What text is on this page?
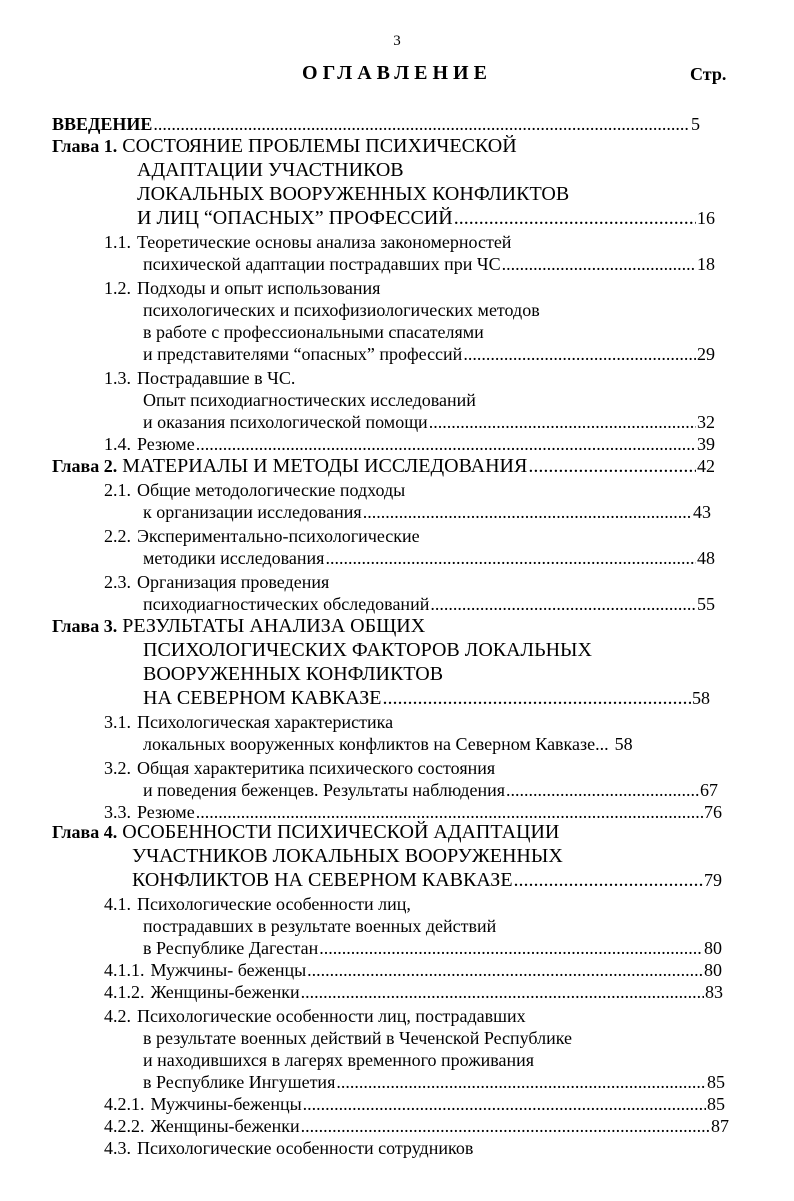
3
ОГЛАВЛЕНИЕ	Стр.
ВВЕДЕНИЕ .....	5
Глава 1. СОСТОЯНИЕ ПРОБЛЕМЫ ПСИХИЧЕСКОЙ
АДАПТАЦИИ УЧАСТНИКОВ
ЛОКАЛЬНЫХ ВООРУЖЕННЫХ КОНФЛИКТОВ
И ЛИЦ “ОПАСНЫХ” ПРОФЕССИЙ .....	16
1.1. Теоретические основы анализа закономерностей
психической адаптации пострадавших при ЧС .....	18
1.2. Подходы и опыт использования
психологических и психофизиологических методов
в работе с профессиональными спасателями
и представителями “опасных” профессий .....	29
1.3. Пострадавшие в ЧС.
Опыт психодиагностических исследований
и оказания психологической помощи .....	32
1.4. Резюме .....	39
Глава 2. МАТЕРИАЛЫ И МЕТОДЫ ИССЛЕДОВАНИЯ .....	42
2.1. Общие методологические подходы
к организации исследования .....	43
2.2. Экспериментально-психологические
методики исследования .....	48
2.3. Организация проведения
психодиагностических обследований .....	55
Глава 3. РЕЗУЛЬТАТЫ АНАЛИЗА ОБЩИХ
ПСИХОЛОГИЧЕСКИХ ФАКТОРОВ ЛОКАЛЬНЫХ
ВООРУЖЕННЫХ КОНФЛИКТОВ
НА СЕВЕРНОМ КАВКАЗЕ .....	58
3.1. Психологическая характеристика
локальных вооруженных конфликтов на Северном Кавказе... 58
3.2. Общая характеритика психического состояния
и поведения беженцев. Результаты наблюдения .....	67
3.3. Резюме .....	76
Глава 4. ОСОБЕННОСТИ ПСИХИЧЕСКОЙ АДАПТАЦИИ
УЧАСТНИКОВ ЛОКАЛЬНЫХ ВООРУЖЕННЫХ
КОНФЛИКТОВ НА СЕВЕРНОМ КАВКАЗЕ .....	79
4.1. Психологические особенности лиц,
пострадавших в результате военных действий
в Республике Дагестан .....	80
4.1.1. Мужчины- беженцы .....	80
4.1.2. Женщины-беженки .....	83
4.2. Психологические особенности лиц, пострадавших
в результате военных действий в Чеченской Республике
и находившихся в лагерях временного проживания
в Республике Ингушетия .....	85
4.2.1. Мужчины-беженцы .....	85
4.2.2. Женщины-беженки .....	87
4.3. Психологические особенности сотрудников
